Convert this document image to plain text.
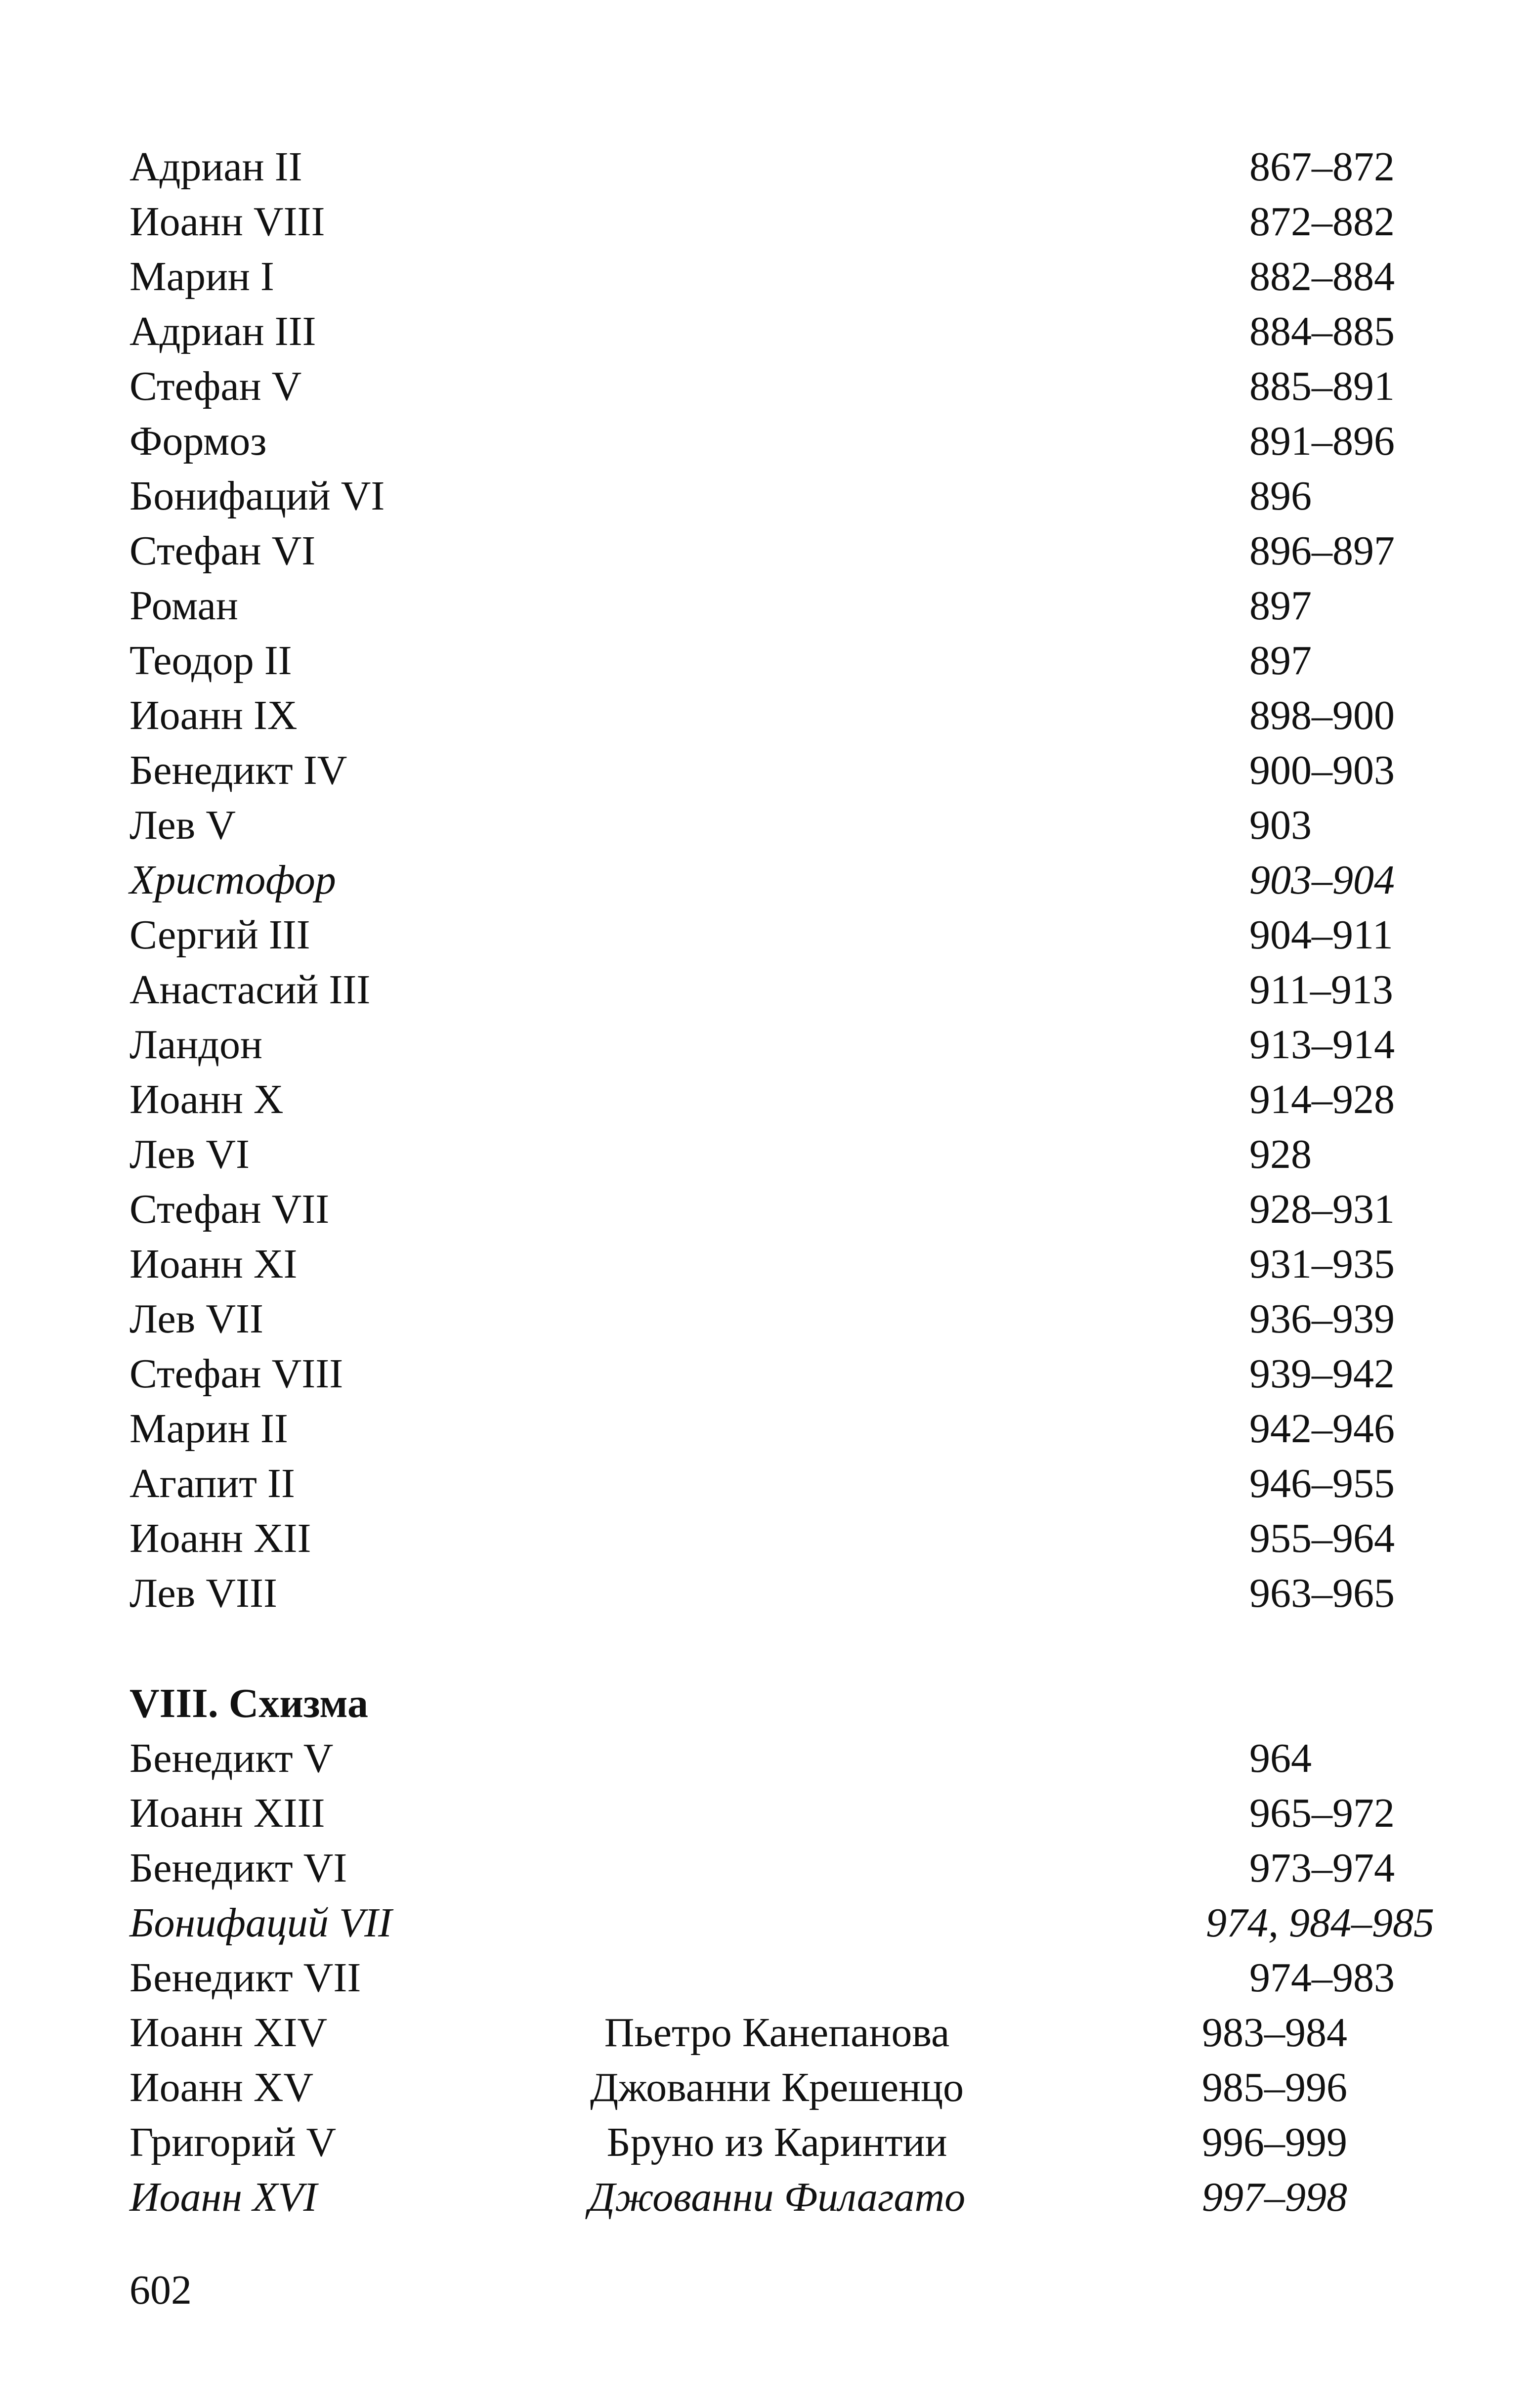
Адриан II	867–872
Иоанн VIII	872–882
Марин I	882–884
Адриан III	884–885
Стефан V	885–891
Формоз	891–896
Бонифаций VI	896
Стефан VI	896–897
Роман	897
Теодор II	897
Иоанн IX	898–900
Бенедикт IV	900–903
Лев V	903
Христофор	903–904
Сергий III	904–911
Анастасий III	911–913
Ландон	913–914
Иоанн X	914–928
Лев VI	928
Стефан VII	928–931
Иоанн XI	931–935
Лев VII	936–939
Стефан VIII	939–942
Марин II	942–946
Агапит II	946–955
Иоанн XII	955–964
Лев VIII	963–965
VIII. Схизма
Бенедикт V	964
Иоанн XIII	965–972
Бенедикт VI	973–974
Бонифаций VII	974, 984–985
Бенедикт VII	974–983
Иоанн XIV	Пьетро Канепанова	983–984
Иоанн XV	Джованни Крешенцо	985–996
Григорий V	Бруно из Каринтии	996–999
Иоанн XVI	Джованни Филагато	997–998
602
